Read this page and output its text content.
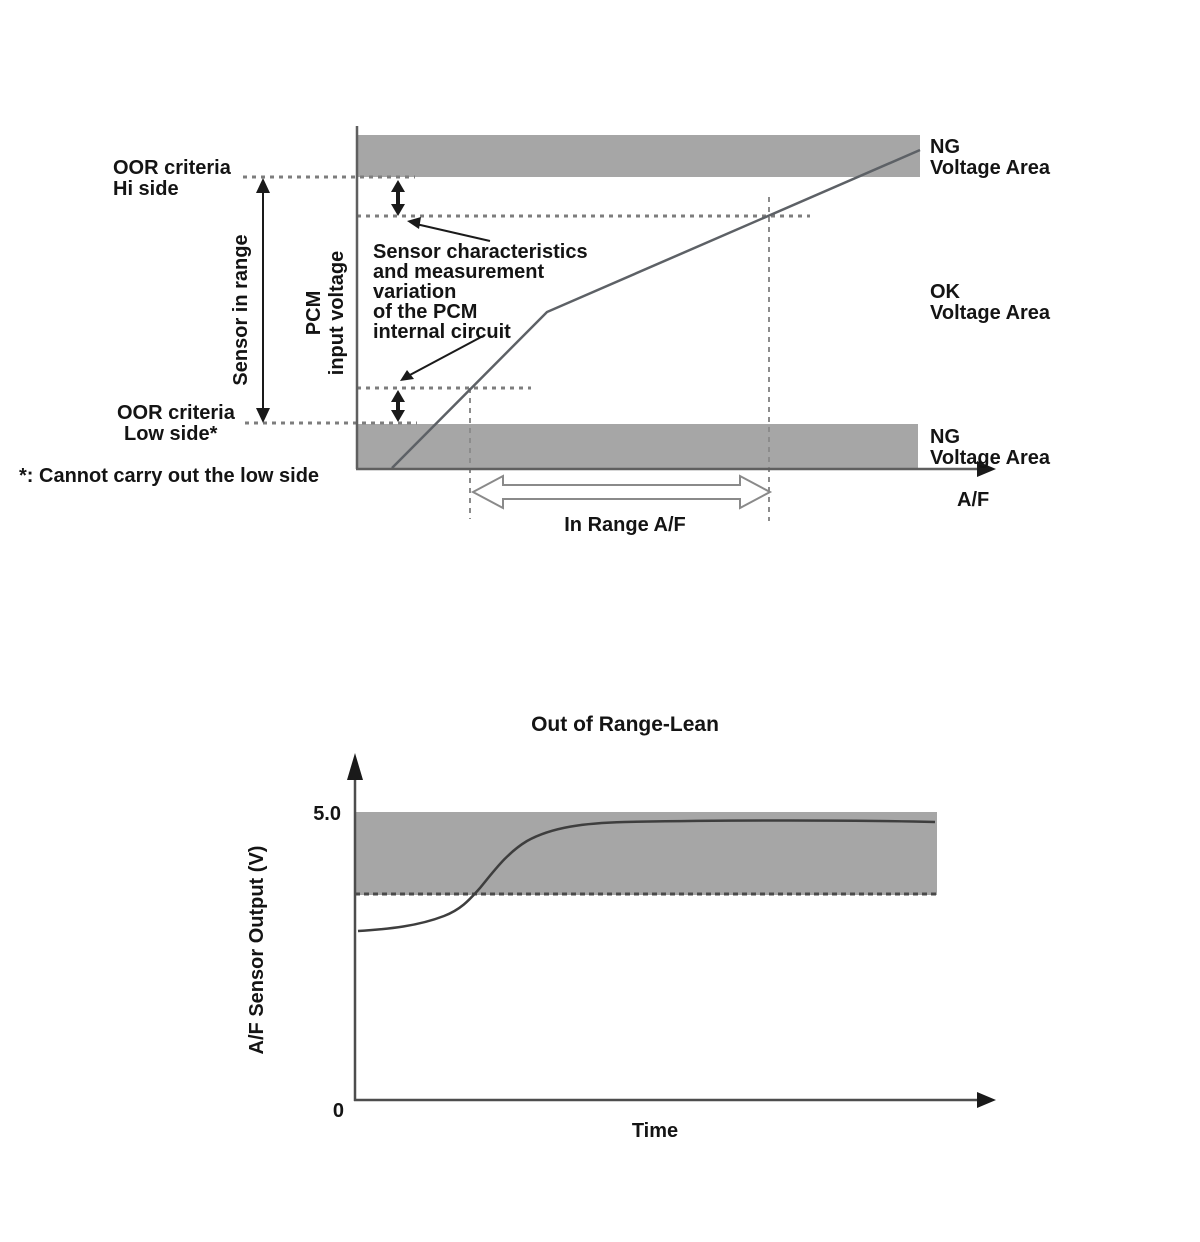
OOR criteria
Hi side
Sensor in range	PCM input voltage Sensor characteristics
and measurement
variation
of the PCM
internal circuit
NG
Voltage Area
OK
Voltage Area
NG
Voltage Area
OOR criteria
Low side*
*: Cannot carry out the low side
In Range A/F
A/F
Out of Range-Lean
5.0
0
Time
A/F Sensor Output (V)
